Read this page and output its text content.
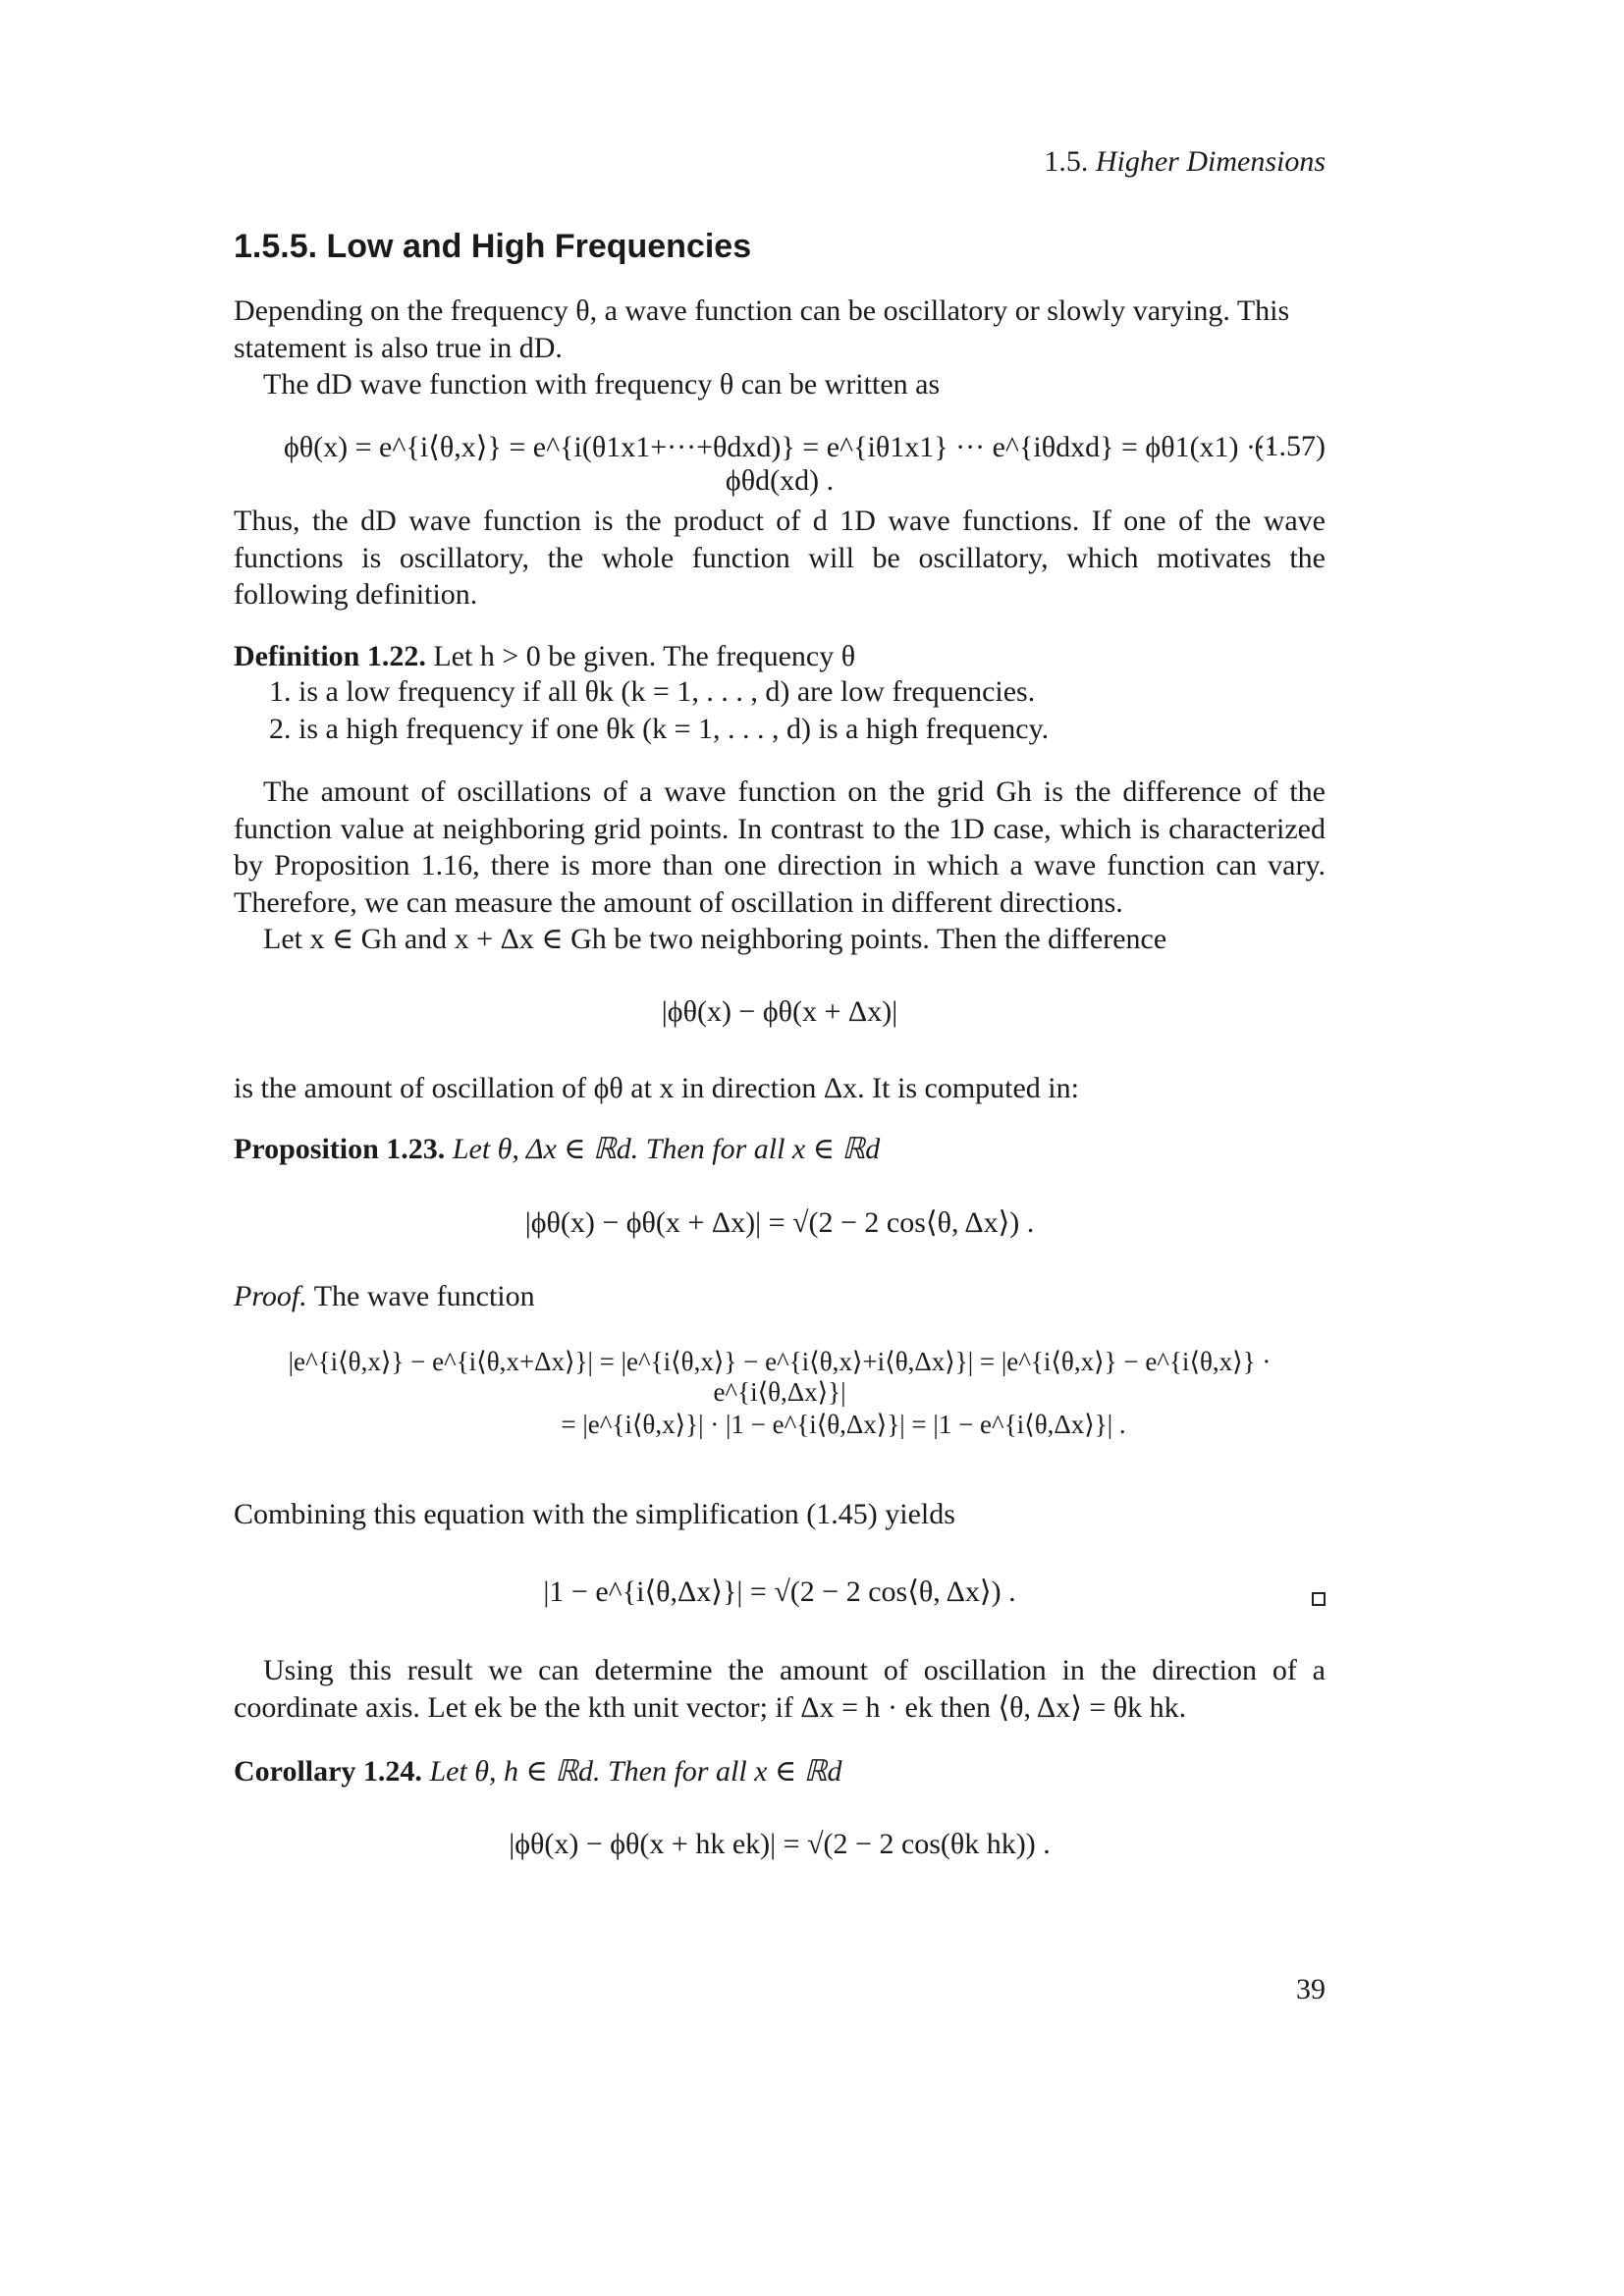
1.5. Higher Dimensions
1.5.5. Low and High Frequencies
Depending on the frequency θ, a wave function can be oscillatory or slowly varying. This
statement is also true in dD.

The dD wave function with frequency θ can be written as

ϕθ(x) = e^{i⟨θ,x⟩} = e^{i(θ1x1+···+θdxd)} = e^{iθ1x1} ··· e^{iθdxd} = ϕθ1(x1) ··· ϕθd(xd) .
(1.57)

Thus, the dD wave function is the product of d 1D wave functions. If one of the wave functions is oscillatory, the whole function will be oscillatory, which motivates the following definition.

Definition 1.22. Let h > 0 be given. The frequency θ
1. is a low frequency if all θk (k = 1, . . . , d) are low frequencies.
2. is a high frequency if one θk (k = 1, . . . , d) is a high frequency.

The amount of oscillations of a wave function on the grid Gh is the difference of the function value at neighboring grid points. In contrast to the 1D case, which is characterized by Proposition 1.16, there is more than one direction in which a wave function can vary. Therefore, we can measure the amount of oscillation in different directions.

Let x ∈ Gh and x + Δx ∈ Gh be two neighboring points. Then the difference

|ϕθ(x) − ϕθ(x + Δx)|

is the amount of oscillation of ϕθ at x in direction Δx. It is computed in:

Proposition 1.23. Let θ, Δx ∈ ℝd. Then for all x ∈ ℝd
|ϕθ(x) − ϕθ(x + Δx)| = √(2 − 2 cos⟨θ, Δx⟩) .
Proof. The wave function
|e^{i⟨θ,x⟩} − e^{i⟨θ,x+Δx⟩}| = |e^{i⟨θ,x⟩} − e^{i⟨θ,x⟩+i⟨θ,Δx⟩}| = |e^{i⟨θ,x⟩} − e^{i⟨θ,x⟩} · e^{i⟨θ,Δx⟩}|
= |e^{i⟨θ,x⟩}| · |1 − e^{i⟨θ,Δx⟩}| = |1 − e^{i⟨θ,Δx⟩}| .

Combining this equation with the simplification (1.45) yields

|1 − e^{i⟨θ,Δx⟩}| = √(2 − 2 cos⟨θ, Δx⟩) .

Using this result we can determine the amount of oscillation in the direction of a coordinate axis. Let ek be the kth unit vector; if Δx = h · ek then ⟨θ, Δx⟩ = θk hk.

Corollary 1.24. Let θ, h ∈ ℝd. Then for all x ∈ ℝd
|ϕθ(x) − ϕθ(x + hk ek)| = √(2 − 2 cos(θk hk)) .
39
